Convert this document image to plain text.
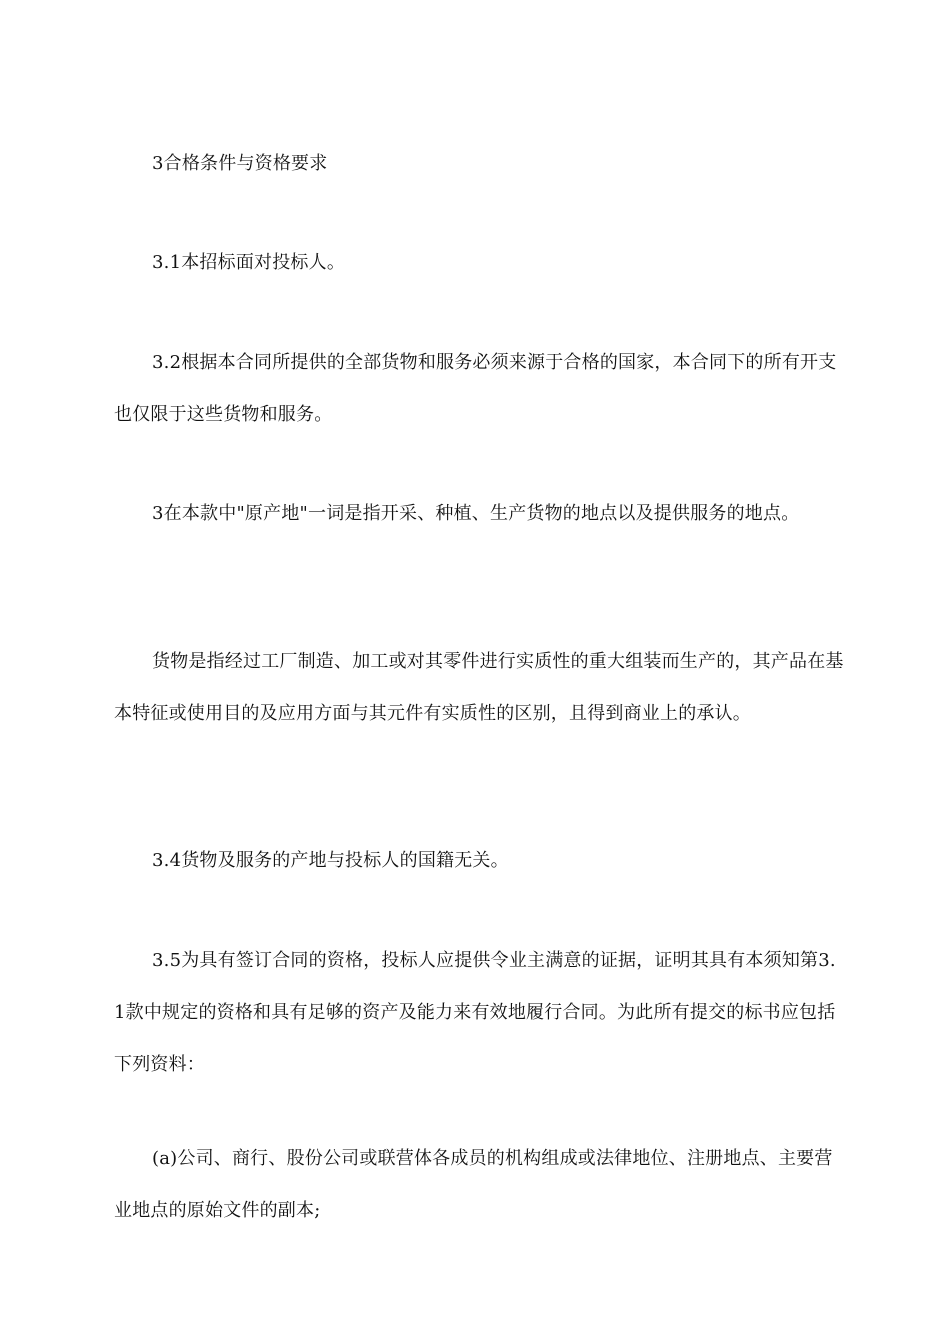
3合格条件与资格要求

3.1本招标面对投标人。

3.2根据本合同所提供的全部货物和服务必须来源于合格的国家，本合同下的所有开支也仅限于这些货物和服务。

3在本款中"原产地"一词是指开采、种植、生产货物的地点以及提供服务的地点。

货物是指经过工厂制造、加工或对其零件进行实质性的重大组装而生产的，其产品在基本特征或使用目的及应用方面与其元件有实质性的区别，且得到商业上的承认。

3.4货物及服务的产地与投标人的国籍无关。

3.5为具有签订合同的资格，投标人应提供令业主满意的证据，证明其具有本须知第3.1款中规定的资格和具有足够的资产及能力来有效地履行合同。为此所有提交的标书应包括下列资料：

(a)公司、商行、股份公司或联营体各成员的机构组成或法律地位、注册地点、主要营业地点的原始文件的副本;
